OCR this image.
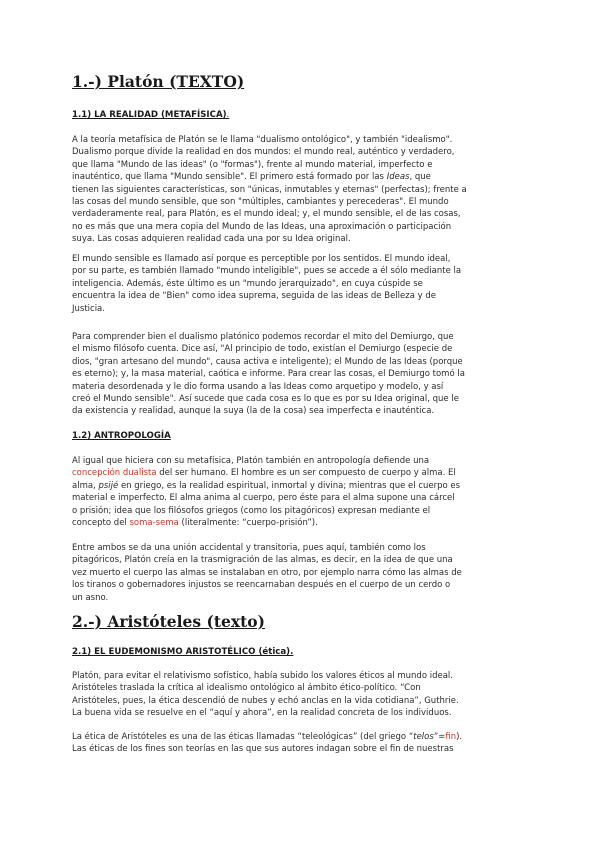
1.-) Platón (TEXTO)
1.1) LA REALIDAD (METAFÍSICA).
A la teoría metafísica de Platón se le llama "dualismo ontológico", y también "idealismo".
Dualismo porque divide la realidad en dos mundos: el mundo real, auténtico y verdadero,
que llama "Mundo de las ideas" (o "formas"), frente al mundo material, imperfecto e
inauténtico, que llama "Mundo sensible". El primero está formado por las Ideas, que
tienen las siguientes características, son "únicas, inmutables y eternas" (perfectas); frente a
las cosas del mundo sensible, que son "múltiples, cambiantes y perecederas". El mundo
verdaderamente real, para Platón, es el mundo ideal; y, el mundo sensible, el de las cosas,
no es más que una mera copia del Mundo de las Ideas, una aproximación o participación
suya. Las cosas adquieren realidad cada una por su Idea original.
El mundo sensible es llamado así porque es perceptible por los sentidos. El mundo ideal,
por su parte, es también llamado "mundo inteligible", pues se accede a él sólo mediante la
inteligencia. Además, éste último es un "mundo jerarquizado", en cuya cúspide se
encuentra la idea de "Bien" como idea suprema, seguida de las ideas de Belleza y de
Justicia.
Para comprender bien el dualismo platónico podemos recordar el mito del Demiurgo, que
el mismo filósofo cuenta. Dice así, "Al principio de todo, existían el Demiurgo (especie de
dios, "gran artesano del mundo", causa activa e inteligente); el Mundo de las Ideas (porque
es eterno); y, la masa material, caótica e informe. Para crear las cosas, el Demiurgo tomó la
materia desordenada y le dio forma usando a las Ideas como arquetipo y modelo, y así
creó el Mundo sensible". Así sucede que cada cosa es lo que es por su Idea original, que le
da existencia y realidad, aunque la suya (la de la cosa) sea imperfecta e inauténtica.
1.2) ANTROPOLOGÍA
Al igual que hiciera con su metafísica, Platón también en antropología defiende una
concepción dualista del ser humano. El hombre es un ser compuesto de cuerpo y alma. El
alma, psijé en griego, es la realidad espiritual, inmortal y divina; mientras que el cuerpo es
material e imperfecto. El alma anima al cuerpo, pero éste para el alma supone una cárcel
o prisión; idea que los filósofos griegos (como los pitagóricos) expresan mediante el
concepto del soma-sema (literalmente: “cuerpo-prisión”).
Entre ambos se da una unión accidental y transitoria, pues aquí, también como los
pitagóricos, Platón creía en la trasmigración de las almas, es decir, en la idea de que una
vez muerto el cuerpo las almas se instalaban en otro, por ejemplo narra cómo las almas de
los tiranos o gobernadores injustos se reencarnaban después en el cuerpo de un cerdo o
un asno.
2.-) Aristóteles (texto)
2.1) EL EUDEMONISMO ARISTOTÉLICO (ética).
Platón, para evitar el relativismo sofístico, había subido los valores éticos al mundo ideal.
Aristóteles traslada la crítica al idealismo ontológico al ámbito ético-político. “Con
Aristóteles, pues, la ética descendió de nubes y echó anclas en la vida cotidiana”, Guthrie.
La buena vida se resuelve en el “aquí y ahora”, en la realidad concreta de los individuos.
La ética de Aristóteles es una de las éticas llamadas “teleológicas” (del griego “telos”=fin).
Las éticas de los fines son teorías en las que sus autores indagan sobre el fin de nuestras
